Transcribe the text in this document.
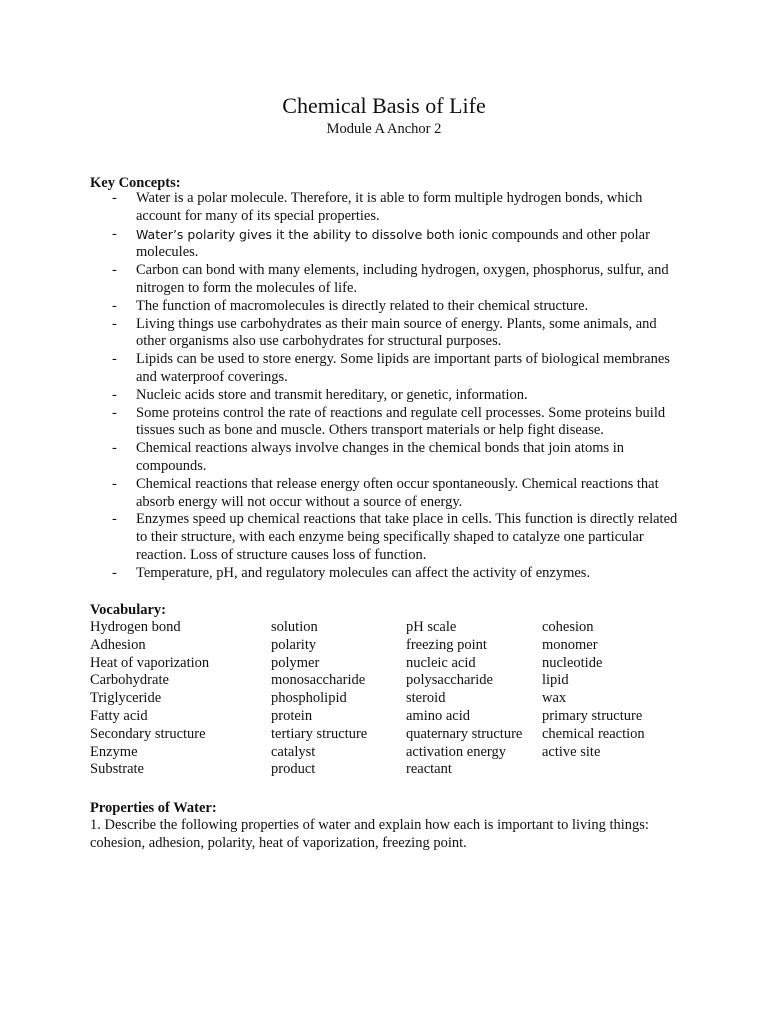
Chemical Basis of Life
Module A Anchor 2
Key Concepts:
- Water is a polar molecule. Therefore, it is able to form multiple hydrogen bonds, which account for many of its special properties.
- Water’s polarity gives it the ability to dissolve both ionic compounds and other polar molecules.
- Carbon can bond with many elements, including hydrogen, oxygen, phosphorus, sulfur, and nitrogen to form the molecules of life.
- The function of macromolecules is directly related to their chemical structure.
- Living things use carbohydrates as their main source of energy. Plants, some animals, and other organisms also use carbohydrates for structural purposes.
- Lipids can be used to store energy. Some lipids are important parts of biological membranes and waterproof coverings.
- Nucleic acids store and transmit hereditary, or genetic, information.
- Some proteins control the rate of reactions and regulate cell processes. Some proteins build tissues such as bone and muscle. Others transport materials or help fight disease.
- Chemical reactions always involve changes in the chemical bonds that join atoms in compounds.
- Chemical reactions that release energy often occur spontaneously. Chemical reactions that absorb energy will not occur without a source of energy.
- Enzymes speed up chemical reactions that take place in cells. This function is directly related to their structure, with each enzyme being specifically shaped to catalyze one particular reaction. Loss of structure causes loss of function.
- Temperature, pH, and regulatory molecules can affect the activity of enzymes.
Vocabulary:
Hydrogen bond	solution	pH scale	cohesion
Adhesion	polarity	freezing point	monomer
Heat of vaporization	polymer	nucleic acid	nucleotide
Carbohydrate	monosaccharide	polysaccharide	lipid
Triglyceride	phospholipid	steroid	wax
Fatty acid	protein	amino acid	primary structure
Secondary structure	tertiary structure	quaternary structure	chemical reaction
Enzyme	catalyst	activation energy	active site
Substrate	product	reactant
Properties of Water:
1. Describe the following properties of water and explain how each is important to living things: cohesion, adhesion, polarity, heat of vaporization, freezing point.
